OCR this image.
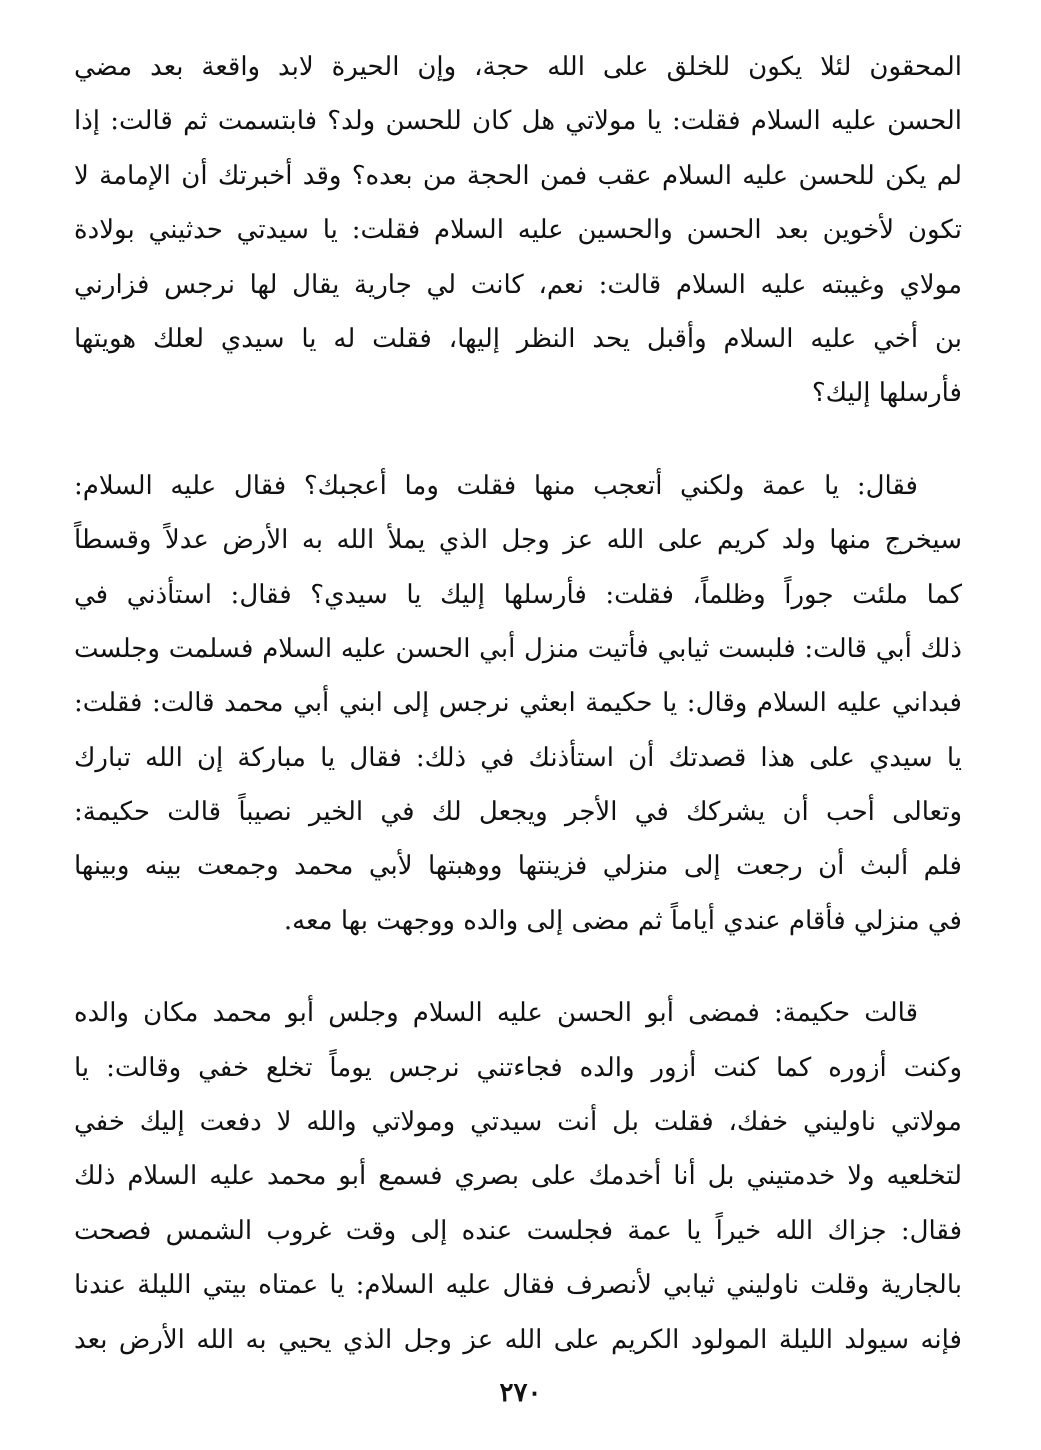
المحقون لئلا يكون للخلق على الله حجة، وإن الحيرة لابد واقعة بعد مضي
الحسن عليه السلام فقلت: يا مولاتي هل كان للحسن ولد؟ فابتسمت ثم قالت: إذا
لم يكن للحسن عليه السلام عقب فمن الحجة من بعده؟ وقد أخبرتك أن الإمامة لا
تكون لأخوين بعد الحسن والحسين عليه السلام فقلت: يا سيدتي حدثيني بولادة
مولاي وغيبته عليه السلام قالت: نعم، كانت لي جارية يقال لها نرجس فزارني
بن أخي عليه السلام وأقبل يحد النظر إليها، فقلت له يا سيدي لعلك هويتها
فأرسلها إليك؟
فقال: يا عمة ولكني أتعجب منها فقلت وما أعجبك؟ فقال عليه السلام:
سيخرج منها ولد كريم على الله عز وجل الذي يملأ الله به الأرض عدلاً وقسطاً
كما ملئت جوراً وظلماً، فقلت: فأرسلها إليك يا سيدي؟ فقال: استأذني في
ذلك أبي قالت: فلبست ثيابي فأتيت منزل أبي الحسن عليه السلام فسلمت وجلست
فبداني عليه السلام وقال: يا حكيمة ابعثي نرجس إلى ابني أبي محمد قالت: فقلت:
يا سيدي على هذا قصدتك أن استأذنك في ذلك: فقال يا مباركة إن الله تبارك
وتعالى أحب أن يشركك في الأجر ويجعل لك في الخير نصيباً قالت حكيمة:
فلم ألبث أن رجعت إلى منزلي فزينتها ووهبتها لأبي محمد وجمعت بينه وبينها
في منزلي فأقام عندي أياماً ثم مضى إلى والده ووجهت بها معه.
قالت حكيمة: فمضى أبو الحسن عليه السلام وجلس أبو محمد مكان والده
وكنت أزوره كما كنت أزور والده فجاءتني نرجس يوماً تخلع خفي وقالت: يا
مولاتي ناوليني خفك، فقلت بل أنت سيدتي ومولاتي والله لا دفعت إليك خفي
لتخلعيه ولا خدمتيني بل أنا أخدمك على بصري فسمع أبو محمد عليه السلام ذلك
فقال: جزاك الله خيراً يا عمة فجلست عنده إلى وقت غروب الشمس فصحت
بالجارية وقلت ناوليني ثيابي لأنصرف فقال عليه السلام: يا عمتاه بيتي الليلة عندنا
فإنه سيولد الليلة المولود الكريم على الله عز وجل الذي يحيي به الله الأرض بعد
٢٧٠
